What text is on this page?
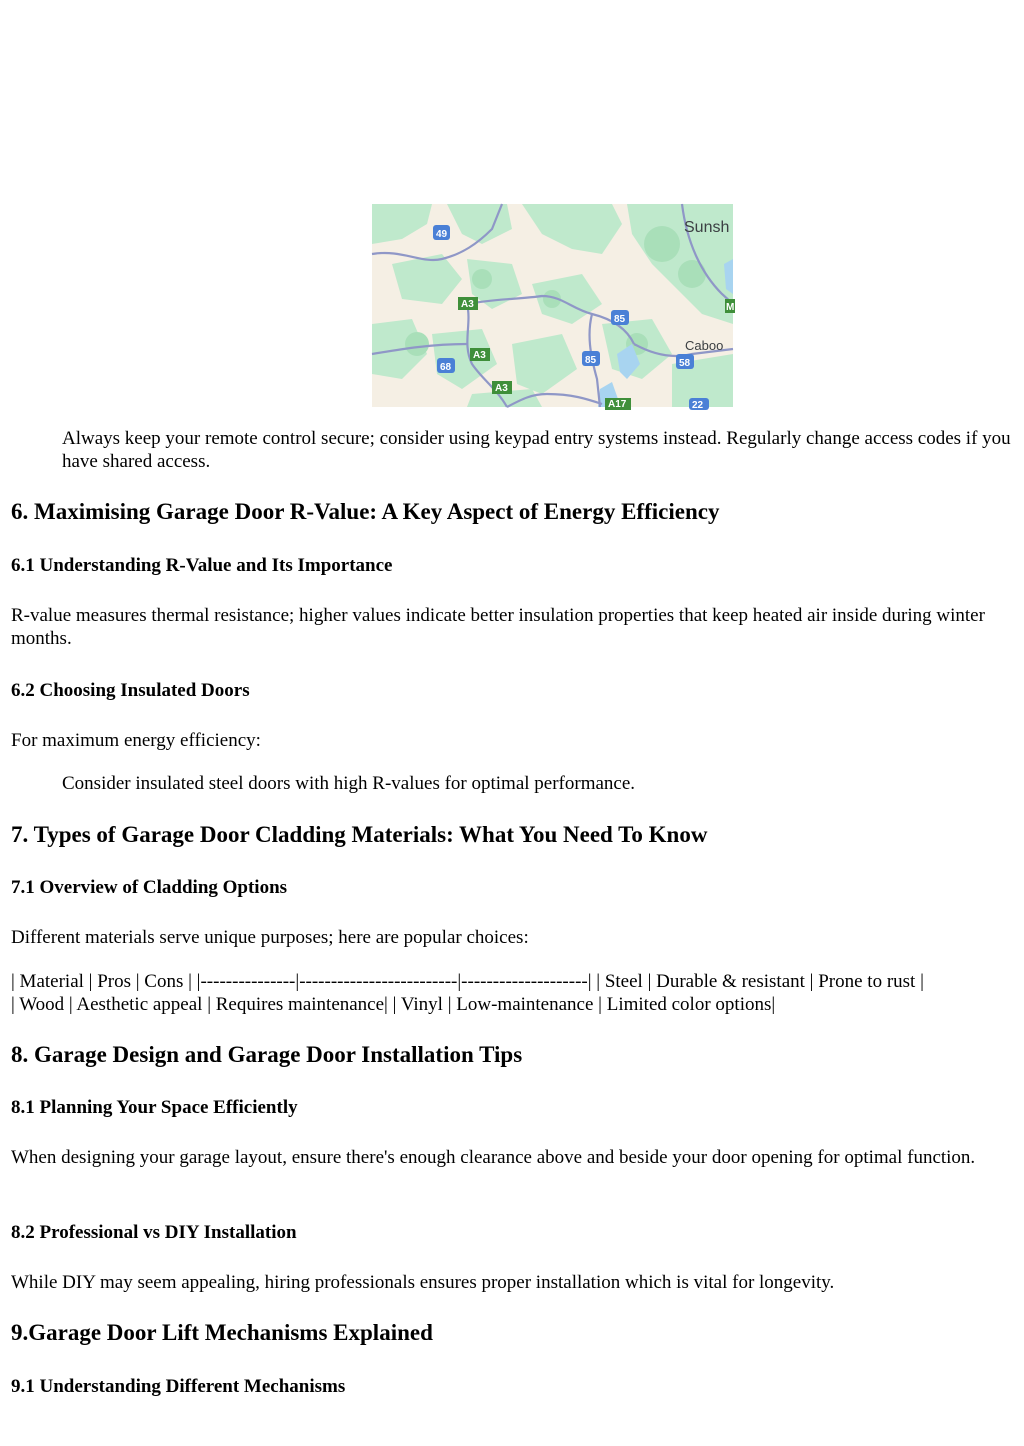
Sunsh
Caboo
49
A3
A3
A3
85
85
68	58
A17	22
M

Always keep your remote control secure; consider using keypad entry systems instead. Regularly change access codes if you have shared access.

6. Maximising Garage Door R-Value: A Key Aspect of Energy Efficiency
6.1 Understanding R-Value and Its Importance

R-value measures thermal resistance; higher values indicate better insulation properties that keep heated air inside during winter months.

6.2 Choosing Insulated Doors

For maximum energy efficiency:

Consider insulated steel doors with high R-values for optimal performance.

7. Types of Garage Door Cladding Materials: What You Need To Know
7.1 Overview of Cladding Options

Different materials serve unique purposes; here are popular choices:

| Material | Pros | Cons | |---------------|-------------------------|--------------------| | Steel | Durable & resistant | Prone to rust |

| Wood | Aesthetic appeal | Requires maintenance| | Vinyl | Low-maintenance | Limited color options|

8. Garage Design and Garage Door Installation Tips
8.1 Planning Your Space Efficiently

When designing your garage layout, ensure there's enough clearance above and beside your door opening for optimal function.

8.2 Professional vs DIY Installation

While DIY may seem appealing, hiring professionals ensures proper installation which is vital for longevity.

9.Garage Door Lift Mechanisms Explained
9.1 Understanding Different Mechanisms
